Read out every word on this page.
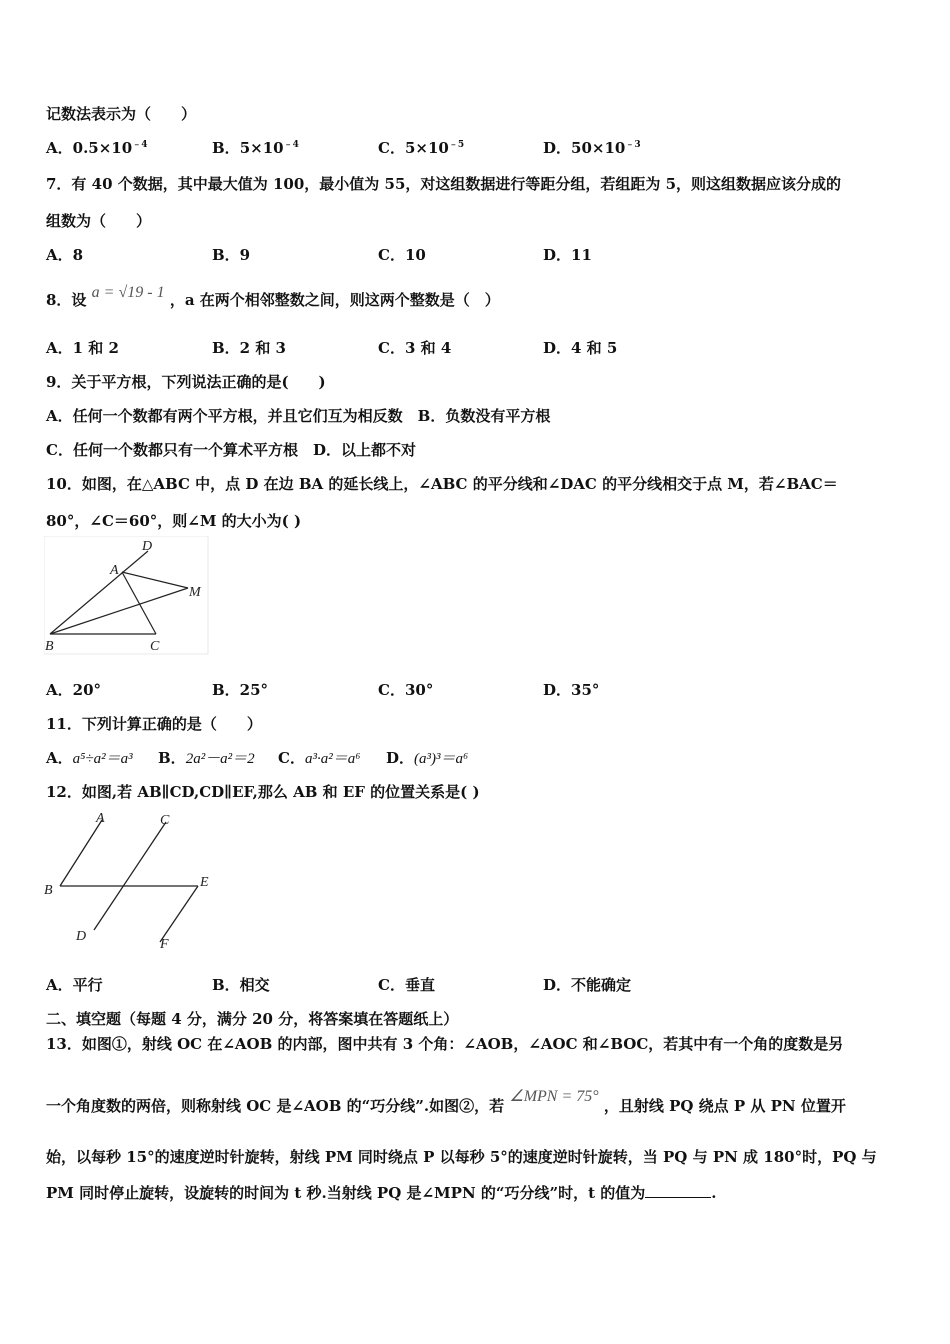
记数法表示为（　　）
A．$0.5\times 10^{﹣4}$	B．$5\times 10^{﹣4}$	C．$5\times 10^{﹣5}$	D．$50\times 10^{﹣3}$
7．有 40 个数据，其中最大值为 100，最小值为 55，对这组数据进行等距分组，若组距为 5，则这组数据应该分成的
组数为（　　）
A．8	B．9	C．10	D．11
8．设 a = √19 - 1 ，a 在两个相邻整数之间，则这两个整数是（　）
A．1 和 2	B．2 和 3	C．3 和 4	D．4 和 5
9．关于平方根，下列说法正确的是(　　)
A．任何一个数都有两个平方根，并且它们互为相反数　B．负数没有平方根
C．任何一个数都只有一个算术平方根　D．以上都不对
10．如图，在△ABC 中，点 D 在边 BA 的延长线上，∠ABC 的平分线和∠DAC 的平分线相交于点 M，若∠BAC＝
80°，∠C＝60°，则∠M 的大小为( )
D
A
M
B	C
A．20°	B．25°	C．30°	D．35°
11．下列计算正确的是（　　）
A．a⁵÷a²＝a³ B．2a²－a²＝2 C．a³·a²＝a⁶ D．(a³)³＝a⁶
12．如图,若 AB∥CD,CD∥EF,那么 AB 和 EF 的位置关系是( )
A	C
B
E
D
F
A．平行	B．相交	C．垂直	D．不能确定
二、填空题（每题 4 分，满分 20 分，将答案填在答题纸上）
13．如图①，射线 OC 在∠AOB 的内部，图中共有 3 个角：∠AOB，∠AOC 和∠BOC，若其中有一个角的度数是另
一个角度数的两倍，则称射线 OC 是∠AOB 的“巧分线”.如图②，若 ∠MPN = 75° ，且射线 PQ 绕点 P 从 PN 位置开
始，以每秒 15°的速度逆时针旋转，射线 PM 同时绕点 P 以每秒 5°的速度逆时针旋转，当 PQ 与 PN 成 180°时，PQ 与
PM 同时停止旋转，设旋转的时间为 t 秒.当射线 PQ 是∠MPN 的“巧分线”时，t 的值为	.
